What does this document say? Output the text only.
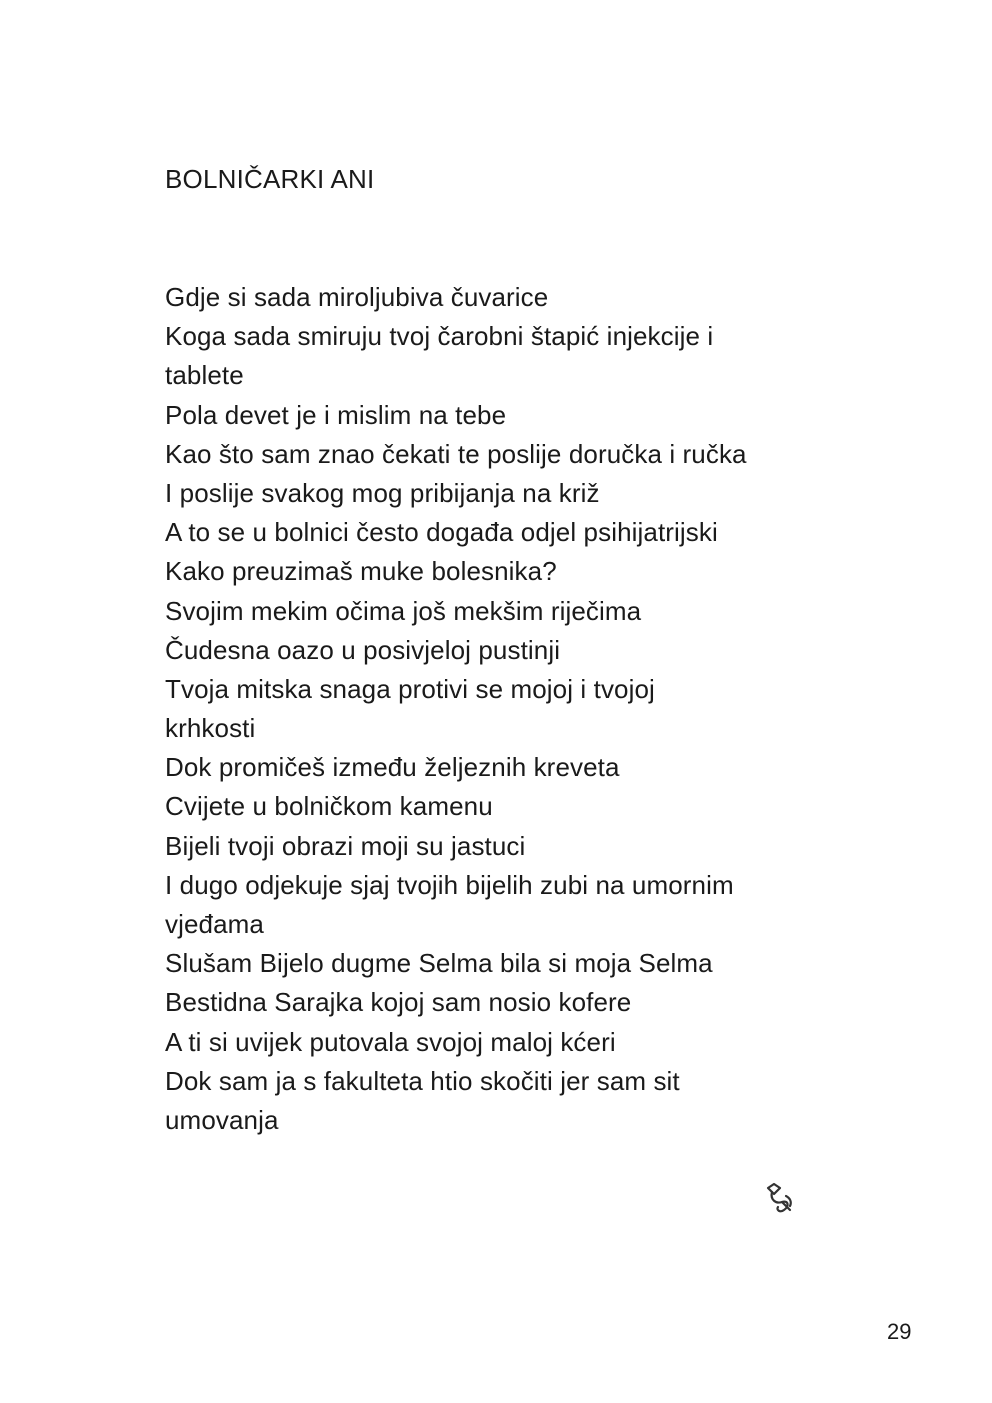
BOLNIČARKI ANI
Gdje si sada miroljubiva čuvarice
Koga sada smiruju tvoj čarobni štapić injekcije i
tablete
Pola devet je i mislim na tebe
Kao što sam znao čekati te poslije doručka i ručka
I poslije svakog mog pribijanja na križ
A to se u bolnici često događa odjel psihijatrijski
Kako preuzimaš muke bolesnika?
Svojim mekim očima još mekšim riječima
Čudesna oazo u posivjeloj pustinji
Tvoja mitska snaga protivi se mojoj i tvojoj
krhkosti
Dok promičeš između željeznih kreveta
Cvijete u bolničkom kamenu
Bijeli tvoji obrazi moji su jastuci
I dugo odjekuje sjaj tvojih bijelih zubi na umornim
vjeđama
Slušam Bijelo dugme Selma bila si moja Selma
Bestidna Sarajka kojoj sam nosio kofere
A ti si uvijek putovala svojoj maloj kćeri
Dok sam ja s fakulteta htio skočiti jer sam sit
umovanja
29
